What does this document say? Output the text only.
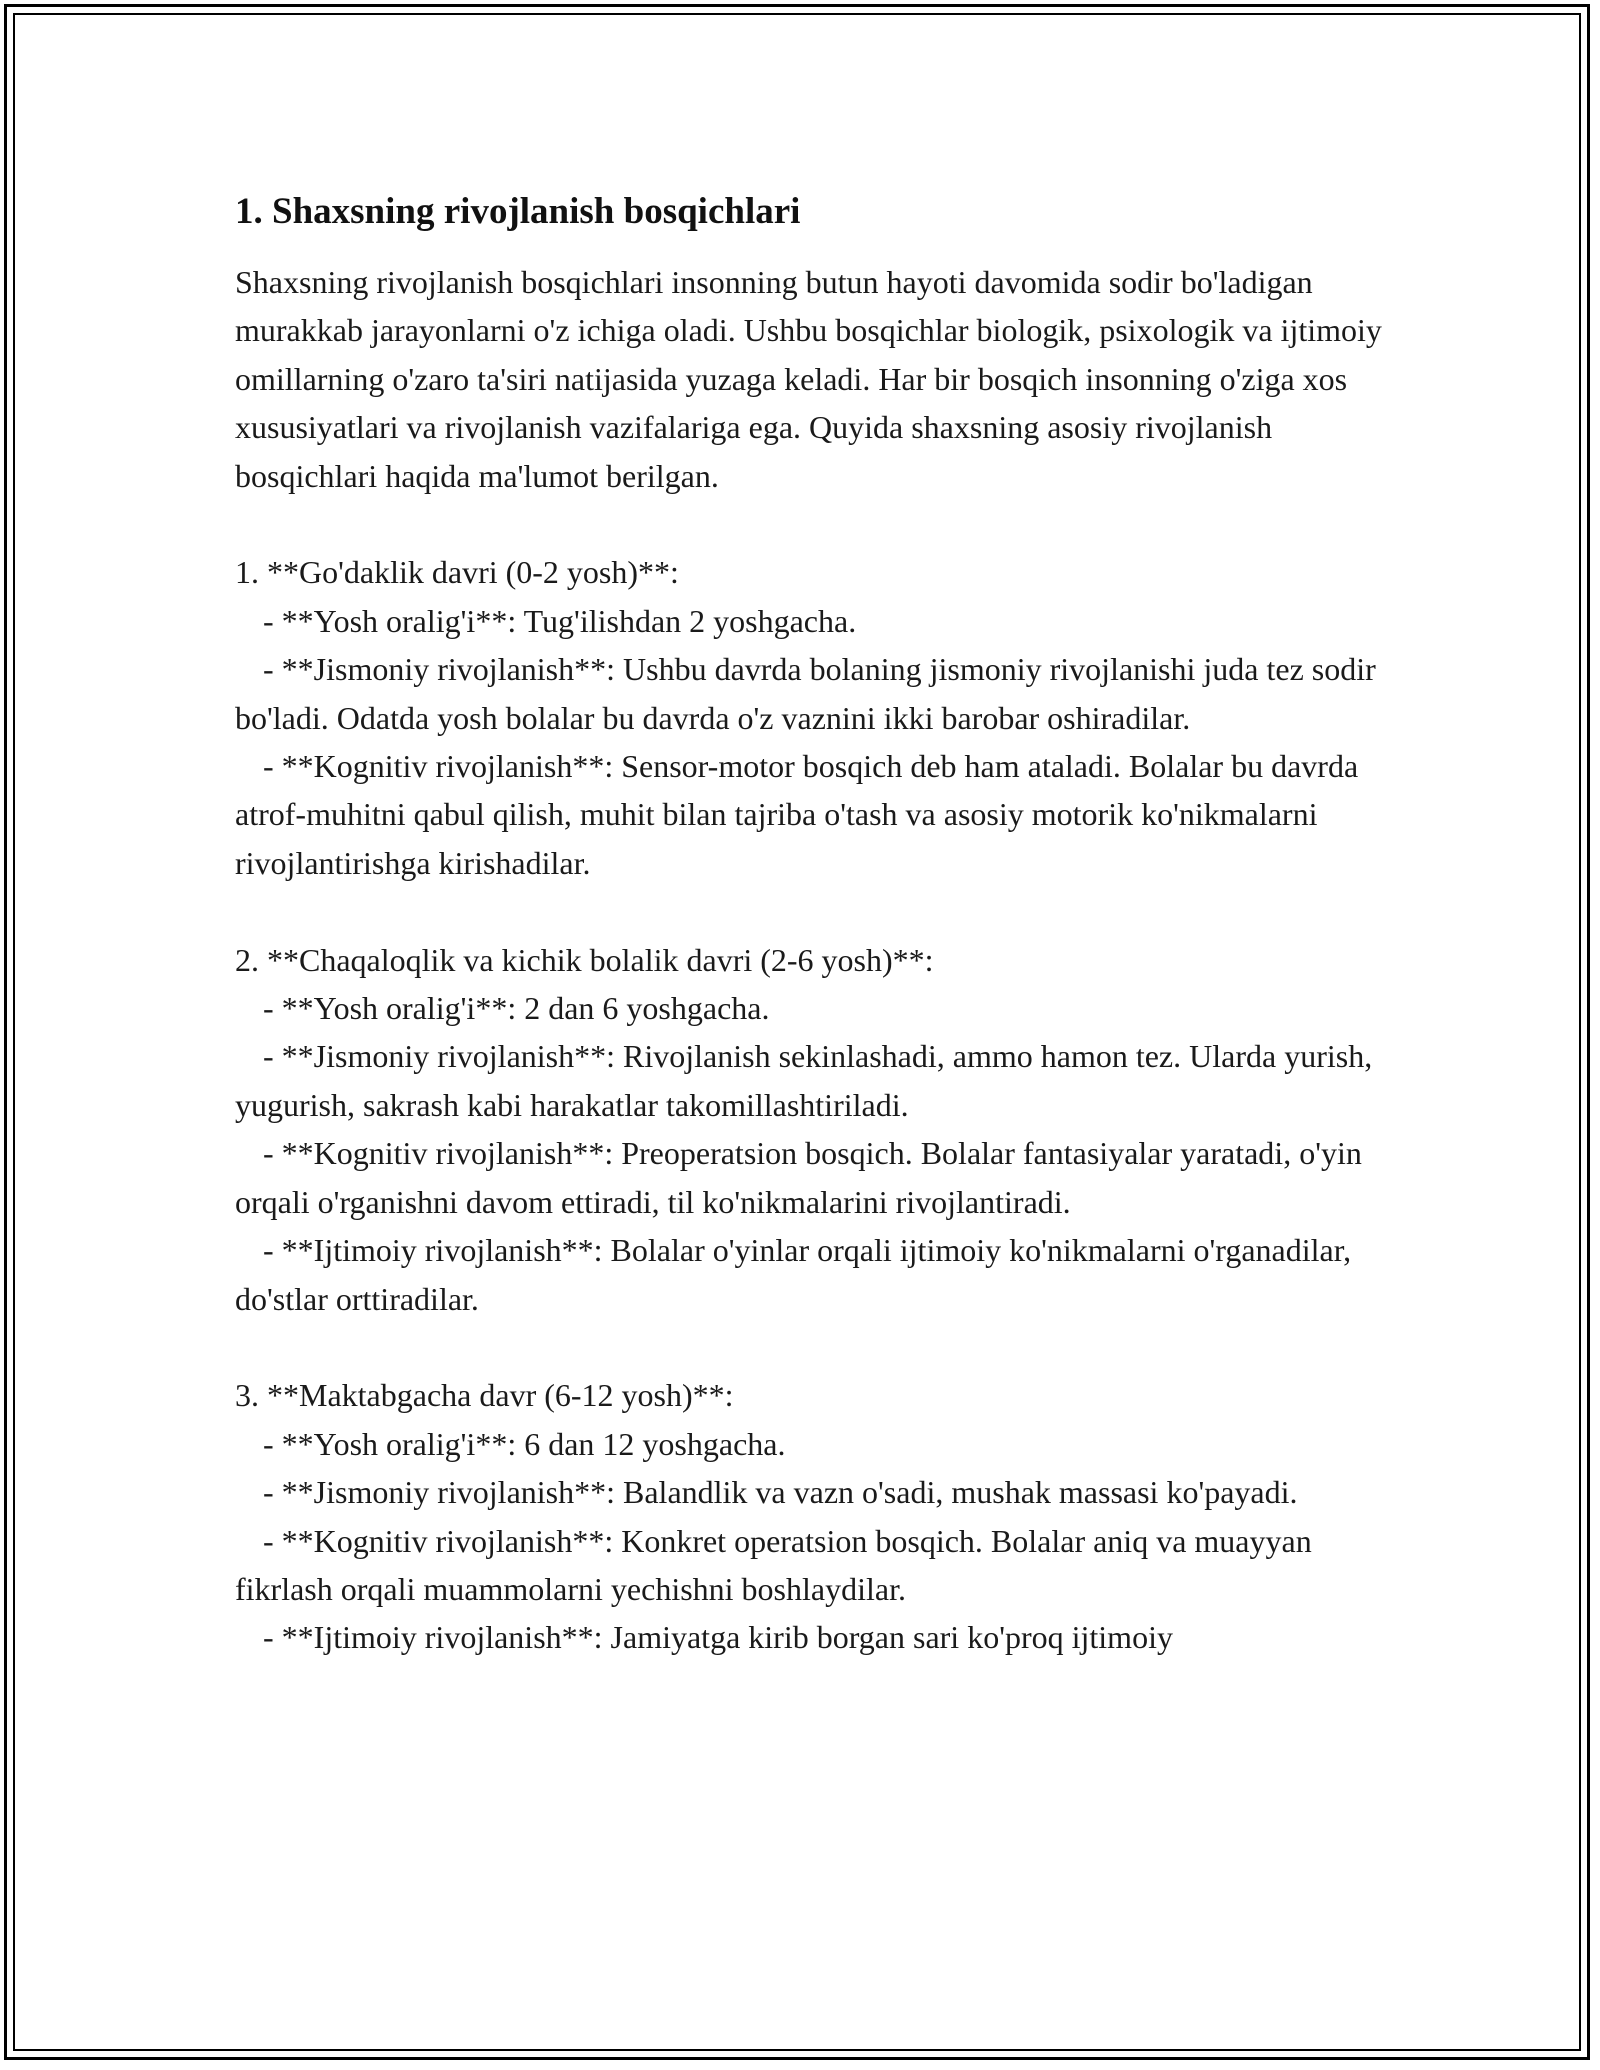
1. Shaxsning rivojlanish bosqichlari

Shaxsning rivojlanish bosqichlari insonning butun hayoti davomida sodir bo'ladigan murakkab jarayonlarni o'z ichiga oladi. Ushbu bosqichlar biologik, psixologik va ijtimoiy omillarning o'zaro ta'siri natijasida yuzaga keladi. Har bir bosqich insonning o'ziga xos xususiyatlari va rivojlanish vazifalariga ega. Quyida shaxsning asosiy rivojlanish bosqichlari haqida ma'lumot berilgan.

1. **Go'daklik davri (0-2 yosh)**:

- **Yosh oralig'i**: Tug'ilishdan 2 yoshgacha.

- **Jismoniy rivojlanish**: Ushbu davrda bolaning jismoniy rivojlanishi juda tez sodir bo'ladi. Odatda yosh bolalar bu davrda o'z vaznini ikki barobar oshiradilar.

- **Kognitiv rivojlanish**: Sensor-motor bosqich deb ham ataladi. Bolalar bu davrda atrof-muhitni qabul qilish, muhit bilan tajriba o'tash va asosiy motorik ko'nikmalarni rivojlantirishga kirishadilar.

2. **Chaqaloqlik va kichik bolalik davri (2-6 yosh)**:

- **Yosh oralig'i**: 2 dan 6 yoshgacha.

- **Jismoniy rivojlanish**: Rivojlanish sekinlashadi, ammo hamon tez. Ularda yurish, yugurish, sakrash kabi harakatlar takomillashtiriladi.

- **Kognitiv rivojlanish**: Preoperatsion bosqich. Bolalar fantasiyalar yaratadi, o'yin orqali o'rganishni davom ettiradi, til ko'nikmalarini rivojlantiradi.

- **Ijtimoiy rivojlanish**: Bolalar o'yinlar orqali ijtimoiy ko'nikmalarni o'rganadilar, do'stlar orttiradilar.

3. **Maktabgacha davr (6-12 yosh)**:

- **Yosh oralig'i**: 6 dan 12 yoshgacha.

- **Jismoniy rivojlanish**: Balandlik va vazn o'sadi, mushak massasi ko'payadi.

- **Kognitiv rivojlanish**: Konkret operatsion bosqich. Bolalar aniq va muayyan fikrlash orqali muammolarni yechishni boshlaydilar.

- **Ijtimoiy rivojlanish**: Jamiyatga kirib borgan sari ko'proq ijtimoiy
